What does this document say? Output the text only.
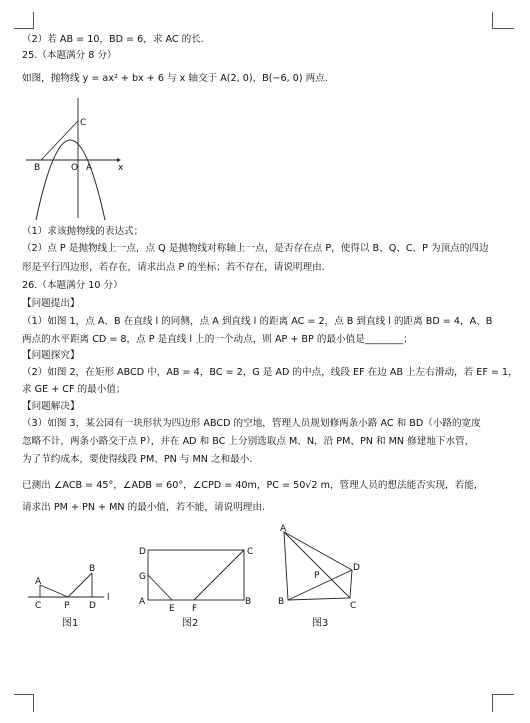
（2）若 AB = 10，BD = 6，求 AC 的长.
25.（本题满分 8 分）
如图，抛物线 y = ax² + bx + 6 与 x 轴交于 A(2, 0)，B(−6, 0) 两点.
C
B	O A	x
（1）求该抛物线的表达式；
（2）点 P 是抛物线上一点，点 Q 是抛物线对称轴上一点，是否存在点 P，使得以 B、Q、C、P 为顶点的四边
形是平行四边形，若存在，请求出点 P 的坐标；若不存在，请说明理由.
26.（本题满分 10 分）
【问题提出】
（1）如图 1，点 A、B 在直线 l 的同侧，点 A 到直线 l 的距离 AC = 2，点 B 到直线 l 的距离 BD = 4，A、B
两点的水平距离 CD = 8，点 P 是直线 l 上的一个动点，则 AP + BP 的最小值是________；
【问题探究】
（2）如图 2，在矩形 ABCD 中，AB = 4，BC = 2，G 是 AD 的中点，线段 EF 在边 AB 上左右滑动，若 EF = 1，
求 GE + CF 的最小值；
【问题解决】
（3）如图 3，某公园有一块形状为四边形 ABCD 的空地，管理人员规划修两条小路 AC 和 BD（小路的宽度
忽略不计，两条小路交于点 P），并在 AD 和 BC 上分别选取点 M、N，沿 PM、PN 和 MN 修建地下水管，
为了节约成本，要使得线段 PM、PN 与 MN 之和最小.
已测出 ∠ACB = 45°，∠ADB = 60°，∠CPD = 40m，PC = 50√2 m，管理人员的想法能否实现，若能，
请求出 PM + PN + MN 的最小值，若不能，请说明理由.
A
B
C	P D
l
图1
D	C
G
A
E F
B
图2
A
D
P
B	C
图3
